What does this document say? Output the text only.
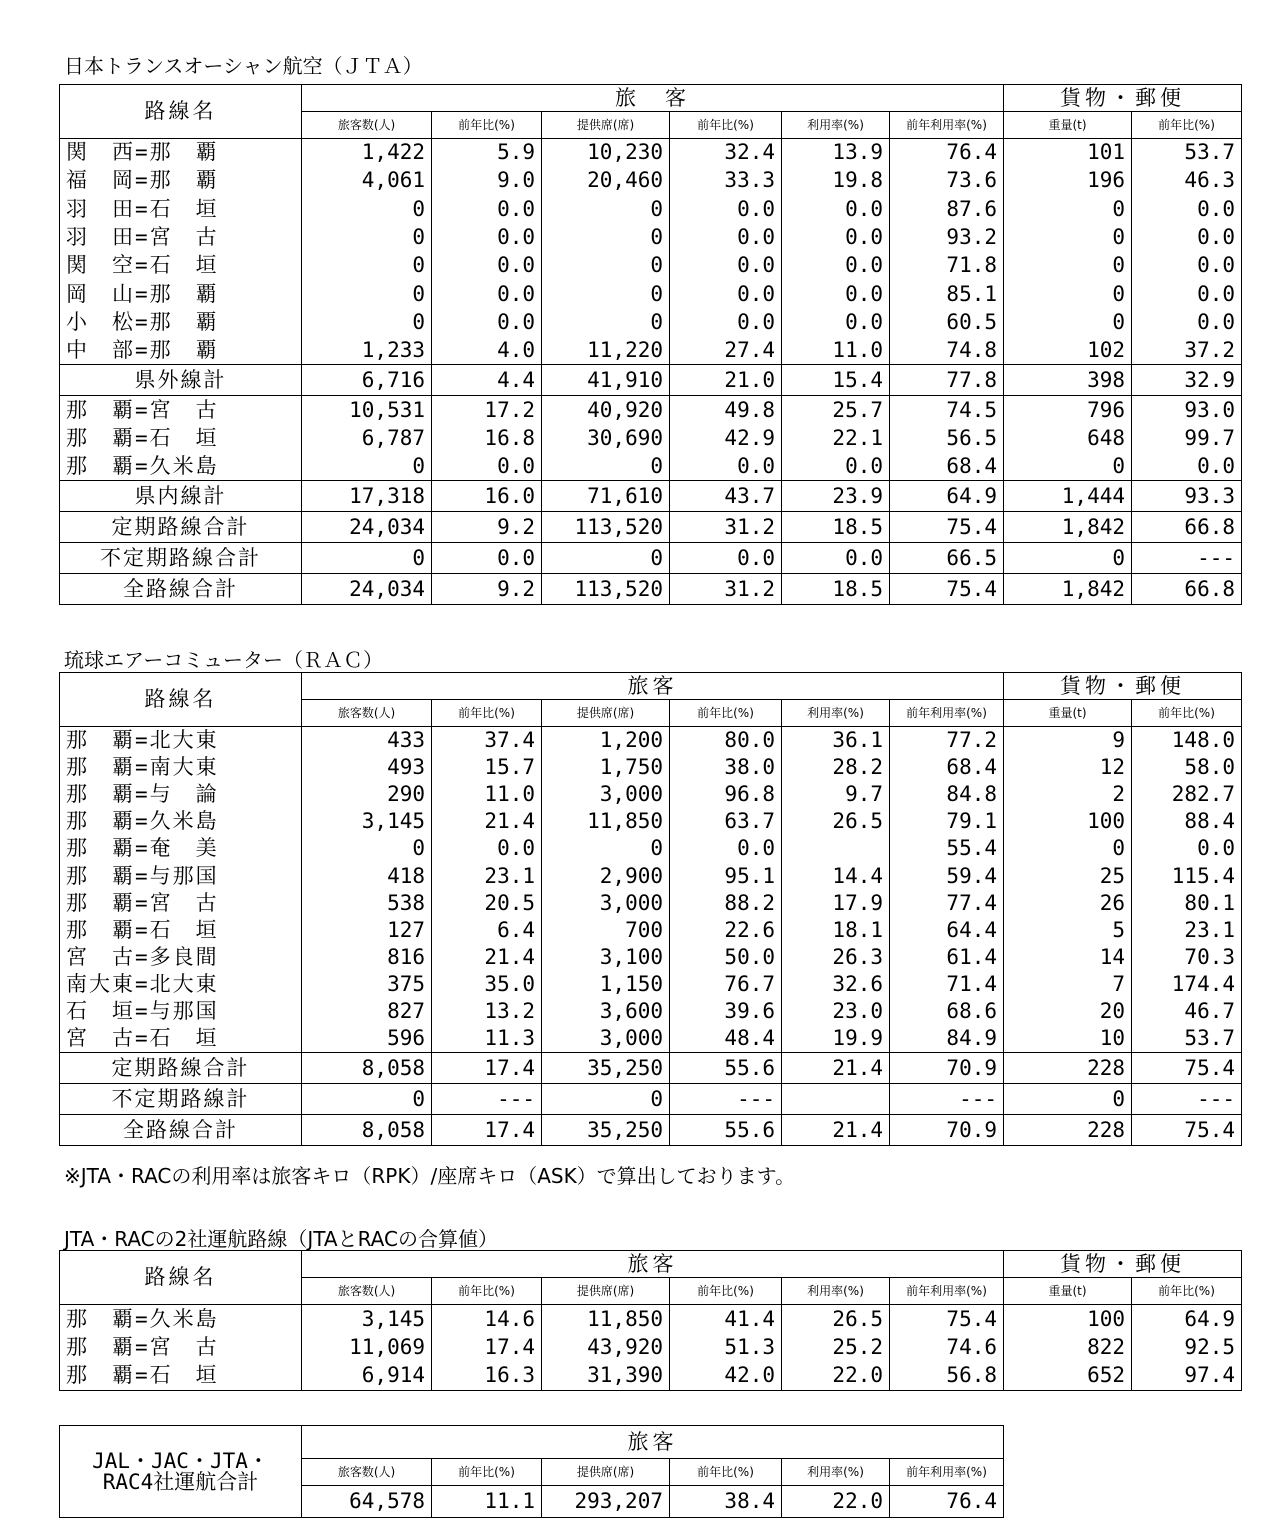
日本トランスオーシャン航空（ＪＴＡ）
路線名	旅　客						貨物・郵便	
	旅客数(人)	前年比(%)	提供席(席)	前年比(%)	利用率(%)	前年利用率(%)	重量(t)	前年比(%)
関　西=那　覇	1,422	5.9	10,230	32.4	13.9	76.4	101	53.7
福　岡=那　覇	4,061	9.0	20,460	33.3	19.8	73.6	196	46.3
羽　田=石　垣	0	0.0	0	0.0	0.0	87.6	0	0.0
羽　田=宮　古	0	0.0	0	0.0	0.0	93.2	0	0.0
関　空=石　垣	0	0.0	0	0.0	0.0	71.8	0	0.0
岡　山=那　覇	0	0.0	0	0.0	0.0	85.1	0	0.0
小　松=那　覇	0	0.0	0	0.0	0.0	60.5	0	0.0
中　部=那　覇	1,233	4.0	11,220	27.4	11.0	74.8	102	37.2
県外線計	6,716	4.4	41,910	21.0	15.4	77.8	398	32.9
那　覇=宮　古	10,531	17.2	40,920	49.8	25.7	74.5	796	93.0
那　覇=石　垣	6,787	16.8	30,690	42.9	22.1	56.5	648	99.7
那　覇=久米島	0	0.0	0	0.0	0.0	68.4	0	0.0
県内線計	17,318	16.0	71,610	43.7	23.9	64.9	1,444	93.3
定期路線合計	24,034	9.2	113,520	31.2	18.5	75.4	1,842	66.8
不定期路線合計	0	0.0	0	0.0	0.0	66.5	0	---
全路線合計	24,034	9.2	113,520	31.2	18.5	75.4	1,842	66.8
琉球エアーコミューター（ＲＡＣ）
路線名	旅客						貨物・郵便	
	旅客数(人)	前年比(%)	提供席(席)	前年比(%)	利用率(%)	前年利用率(%)	重量(t)	前年比(%)
那　覇=北大東	433	37.4	1,200	80.0	36.1	77.2	9	148.0
那　覇=南大東	493	15.7	1,750	38.0	28.2	68.4	12	58.0
那　覇=与　論	290	11.0	3,000	96.8	9.7	84.8	2	282.7
那　覇=久米島	3,145	21.4	11,850	63.7	26.5	79.1	100	88.4
那　覇=奄　美	0	0.0	0	0.0		55.4	0	0.0
那　覇=与那国	418	23.1	2,900	95.1	14.4	59.4	25	115.4
那　覇=宮　古	538	20.5	3,000	88.2	17.9	77.4	26	80.1
那　覇=石　垣	127	6.4	700	22.6	18.1	64.4	5	23.1
宮　古=多良間	816	21.4	3,100	50.0	26.3	61.4	14	70.3
南大東=北大東	375	35.0	1,150	76.7	32.6	71.4	7	174.4
石　垣=与那国	827	13.2	3,600	39.6	23.0	68.6	20	46.7
宮　古=石　垣	596	11.3	3,000	48.4	19.9	84.9	10	53.7
定期路線合計	8,058	17.4	35,250	55.6	21.4	70.9	228	75.4
不定期路線計	0	---	0	---		---	0	---
全路線合計	8,058	17.4	35,250	55.6	21.4	70.9	228	75.4
※JTA・RACの利用率は旅客キロ（RPK）/座席キロ（ASK）で算出しております。
JTA・RACの2社運航路線（JTAとRACの合算値）
路線名	旅客						貨物・郵便	
	旅客数(人)	前年比(%)	提供席(席)	前年比(%)	利用率(%)	前年利用率(%)	重量(t)	前年比(%)
那　覇=久米島	3,145	14.6	11,850	41.4	26.5	75.4	100	64.9
那　覇=宮　古	11,069	17.4	43,920	51.3	25.2	74.6	822	92.5
那　覇=石　垣	6,914	16.3	31,390	42.0	22.0	56.8	652	97.4
JAL・JAC・JTA・
RAC4社運航合計	旅客					
	旅客数(人)	前年比(%)	提供席(席)	前年比(%)	利用率(%)	前年利用率(%)
	64,578	11.1	293,207	38.4	22.0	76.4
